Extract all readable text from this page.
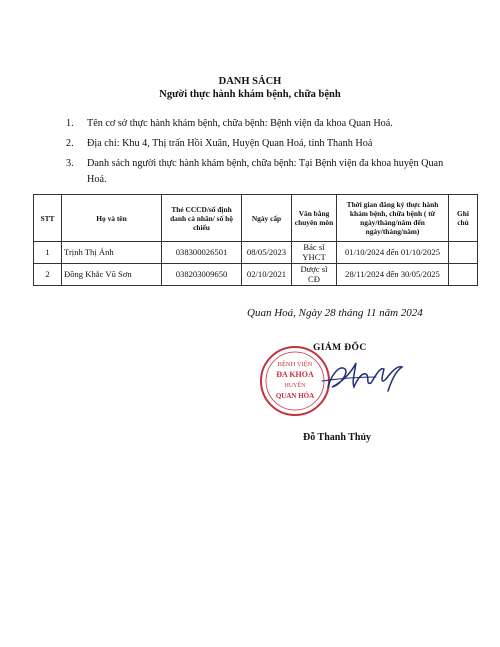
DANH SÁCH
Người thực hành khám bệnh, chữa bệnh
1. Tên cơ sở thực hành khám bệnh, chữa bệnh: Bệnh viện đa khoa Quan Hoá.
2. Địa chỉ: Khu 4, Thị trấn Hồi Xuân, Huyện Quan Hoá, tỉnh Thanh Hoá
3. Danh sách người thực hành khám bệnh, chữa bệnh: Tại Bệnh viện đa khoa huyện Quan Hoá.
STT	Họ và tên	Thẻ CCCD/số định danh cá nhân/ số hộ chiếu	Ngày cấp	Văn bằng chuyên môn	Thời gian đăng ký thực hành khám bệnh, chữa bệnh ( từ ngày/tháng/năm đến ngày/tháng/năm)	Ghi chú
1	Trịnh Thị Ánh	038300026501	08/05/2023	Bác sĩ YHCT	01/10/2024 đến 01/10/2025	
2	Đồng Khắc Vũ Sơn	038203009650	02/10/2021	Dược sĩ CĐ	28/11/2024 đến 30/05/2025	
Quan Hoá, Ngày 28 tháng 11 năm 2024
BỆNH VIỆN
ĐA KHOA
HUYỆN
QUAN HÓA
GIÁM ĐỐC
Đỗ Thanh Thủy
